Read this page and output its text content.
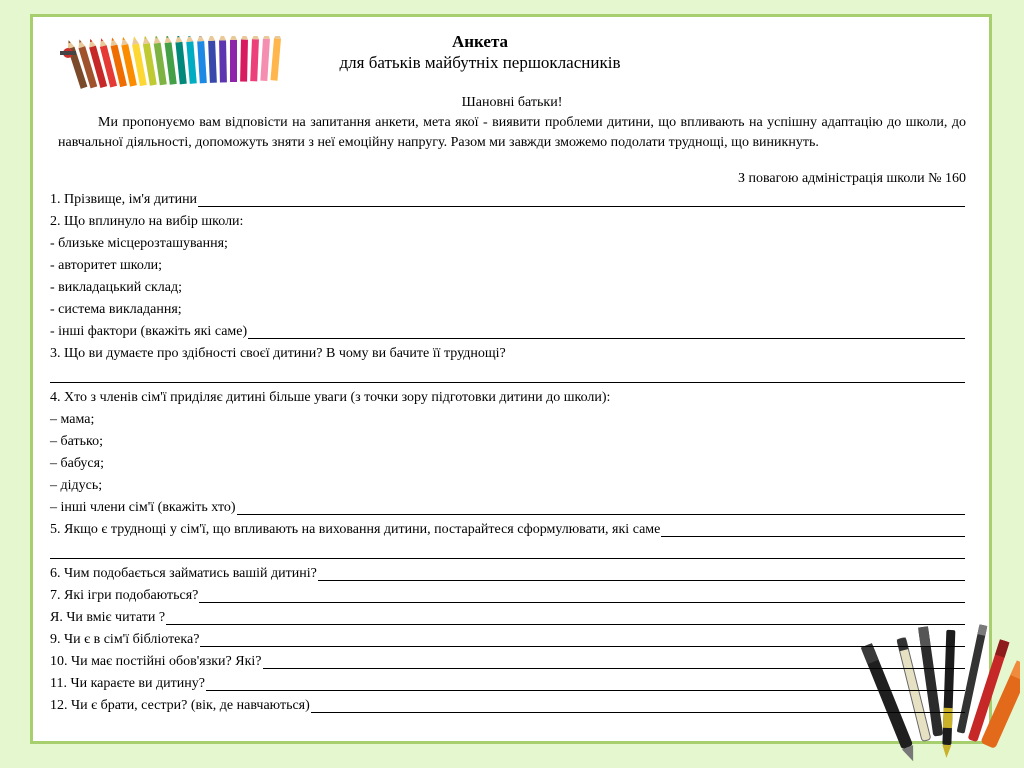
Анкета
для батьків майбутніх першокласників
Шановні батьки!
Ми пропонуємо вам відповісти на запитання анкети, мета якої - виявити проблеми дитини, що впливають на успішну адаптацію до школи, до навчальної діяльності, допоможуть зняти з неї емоційну напругу. Разом ми завжди зможемо подолати труднощі, що виникнуть.
З повагою адміністрація школи № 160
1. Прізвище, ім'я дитини
2. Що вплинуло на вибір школи:
- близьке місцерозташування;
- авторитет школи;
- викладацький склад;
- система викладання;
- інші фактори (вкажіть які саме)
3. Що ви думаєте про здібності своєї дитини? В чому ви бачите її труднощі?
4. Хто з членів сім'ї приділяє дитині більше уваги (з точки зору підготовки дитини до школи):
– мама;
– батько;
– бабуся;
– дідусь;
– інші члени сім'ї (вкажіть хто)
5. Якщо є труднощі у сім'ї, що впливають на виховання дитини, постарайтеся сформулювати, які саме
6. Чим подобається займатись вашій дитині?
7. Які ігри подобаються?
Я. Чи вміє читати ?
9. Чи є в сім'ї бібліотека?
10. Чи має постійні обов'язки? Які?
11. Чи караєте ви дитину?
12. Чи є брати, сестри? (вік, де навчаються)
